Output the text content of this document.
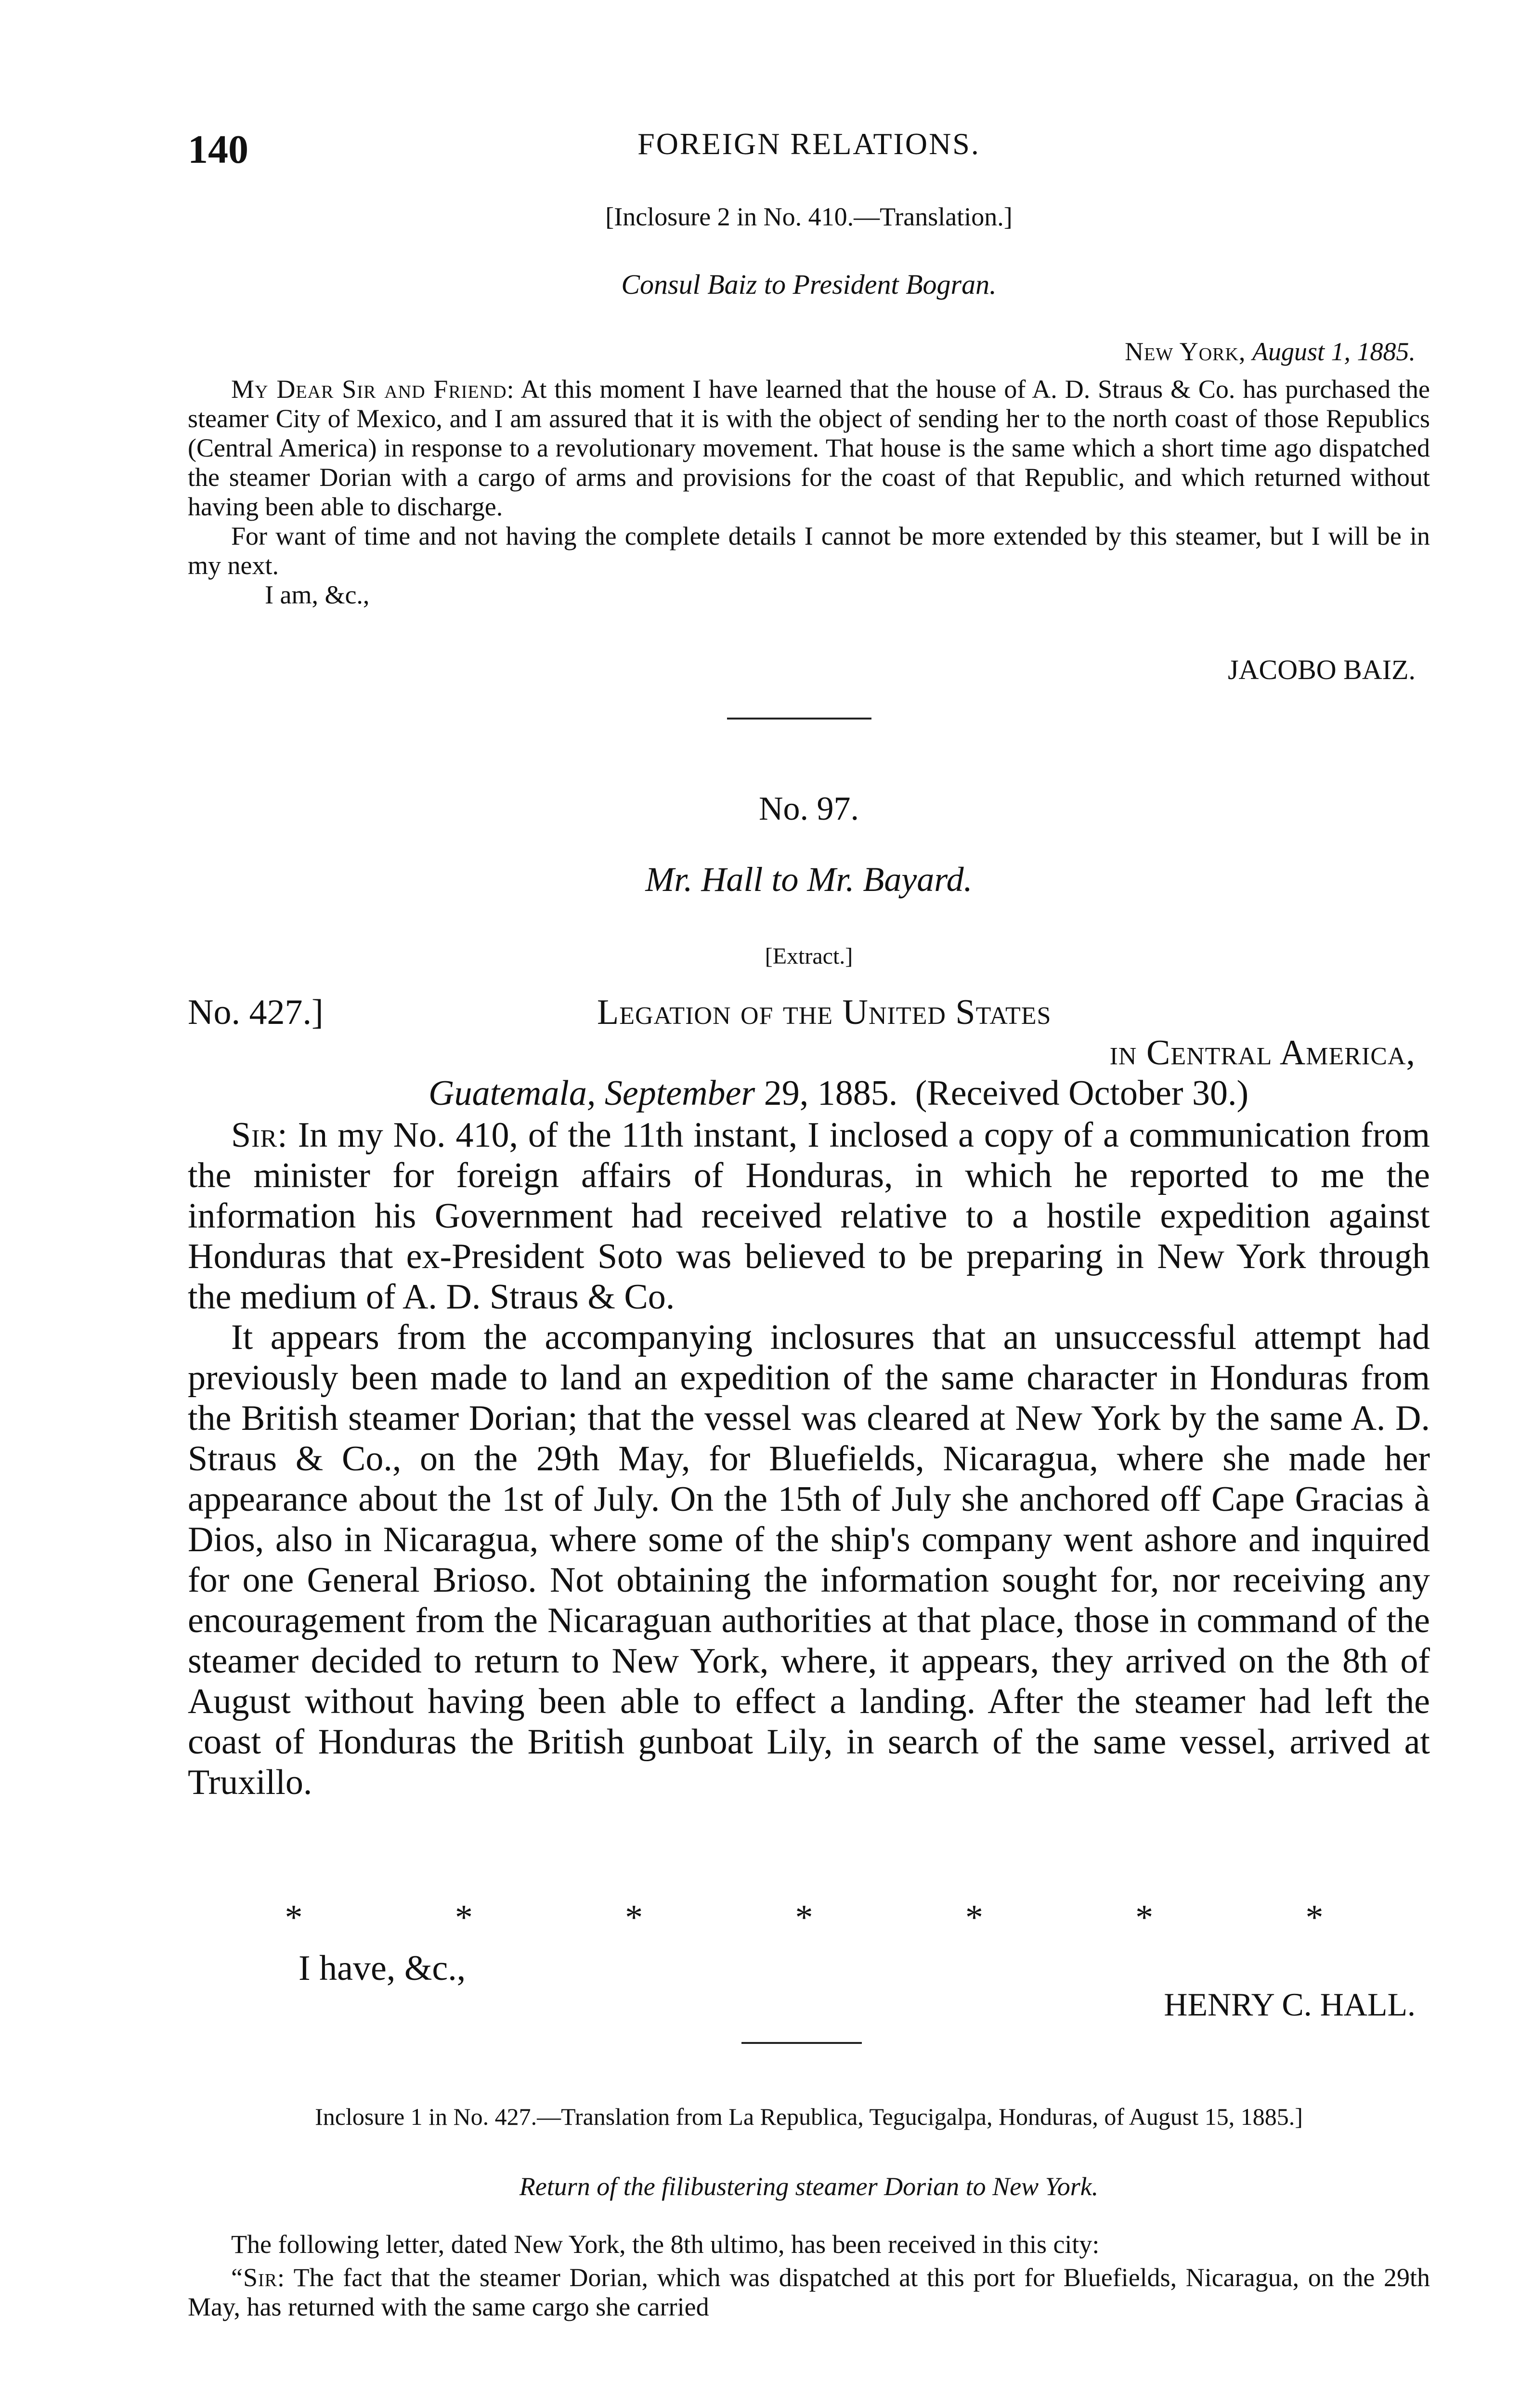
140	FOREIGN RELATIONS.
[Inclosure 2 in No. 410.—Translation.]
Consul Baiz to President Bogran.
New York, August 1, 1885.

My Dear Sir and Friend: At this moment I have learned that the house of A. D. Straus & Co. has purchased the steamer City of Mexico, and I am assured that it is with the object of sending her to the north coast of those Republics (Central America) in response to a revolutionary movement. That house is the same which a short time ago dispatched the steamer Dorian with a cargo of arms and provisions for the coast of that Republic, and which returned without having been able to discharge.

For want of time and not having the complete details I cannot be more extended by this steamer, but I will be in my next.

I am, &c.,

JACOBO BAIZ.
No. 97.
Mr. Hall to Mr. Bayard.
[Extract.]
No. 427.]	Legation of the United States
in Central America,
Guatemala, September 29, 1885. (Received October 30.)

Sir: In my No. 410, of the 11th instant, I inclosed a copy of a communication from the minister for foreign affairs of Honduras, in which he reported to me the information his Government had received relative to a hostile expedition against Honduras that ex-President Soto was believed to be preparing in New York through the medium of A. D. Straus & Co.

It appears from the accompanying inclosures that an unsuccessful attempt had previously been made to land an expedition of the same character in Honduras from the British steamer Dorian; that the vessel was cleared at New York by the same A. D. Straus & Co., on the 29th May, for Bluefields, Nicaragua, where she made her appearance about the 1st of July. On the 15th of July she anchored off Cape Gracias à Dios, also in Nicaragua, where some of the ship's company went ashore and inquired for one General Brioso. Not obtaining the information sought for, nor receiving any encouragement from the Nicaraguan authorities at that place, those in command of the steamer decided to return to New York, where, it appears, they arrived on the 8th of August without having been able to effect a landing. After the steamer had left the coast of Honduras the British gunboat Lily, in search of the same vessel, arrived at Truxillo.

*	*	*	*	*	*	*
I have, &c.,
HENRY C. HALL.
Inclosure 1 in No. 427.—Translation from La Republica, Tegucigalpa, Honduras, of August 15, 1885.]
Return of the filibustering steamer Dorian to New York.

The following letter, dated New York, the 8th ultimo, has been received in this city:

“Sir: The fact that the steamer Dorian, which was dispatched at this port for Bluefields, Nicaragua, on the 29th May, has returned with the same cargo she carried
